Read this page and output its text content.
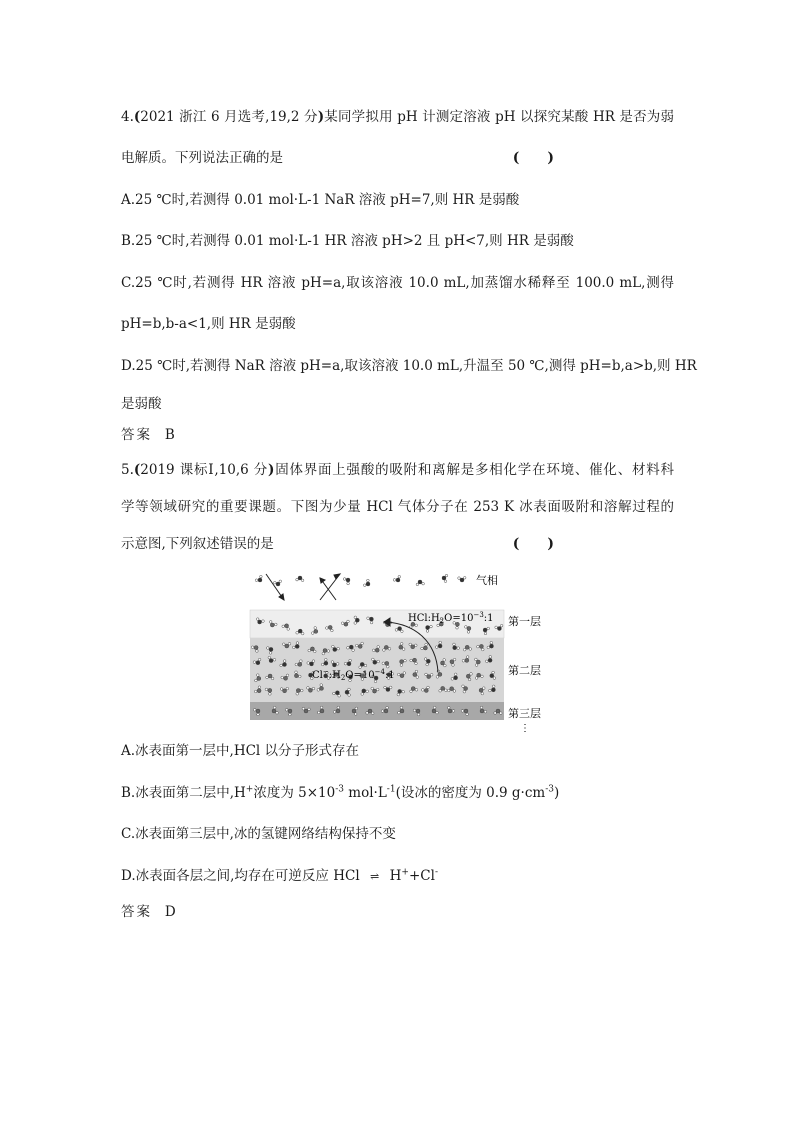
4.(2021 浙江 6 月选考,19,2 分)某同学拟用 pH 计测定溶液 pH 以探究某酸 HR 是否为弱
电解质。下列说法正确的是	(　　)
A.25 ℃时,若测得 0.01 mol·L-1 NaR 溶液 pH=7,则 HR 是弱酸
B.25 ℃时,若测得 0.01 mol·L-1 HR 溶液 pH>2 且 pH<7,则 HR 是弱酸
C.25 ℃时,若测得 HR 溶液 pH=a,取该溶液 10.0 mL,加蒸馏水稀释至 100.0 mL,测得
pH=b,b-a<1,则 HR 是弱酸
D.25 ℃时,若测得 NaR 溶液 pH=a,取该溶液 10.0 mL,升温至 50 ℃,测得 pH=b,a>b,则 HR
是弱酸
答案 B
5.(2019 课标Ⅰ,10,6 分)固体界面上强酸的吸附和离解是多相化学在环境、催化、材料科
学等领域研究的重要课题。下图为少量 HCl 气体分子在 253 K 冰表面吸附和溶解过程的
示意图,下列叙述错误的是	(　　)
气相
$HCl:H_2O=10^{-3}:1$
$Cl^-:H_2O=10^{-4}:1$
第一层
第二层
第三层
⋮
A.冰表面第一层中,HCl 以分子形式存在
B.冰表面第二层中,H+浓度为 $5\times 10^{-3}$ $mol\cdot L^{-1}$(设冰的密度为 0.9 $g\cdot cm^{-3}$)
C.冰表面第三层中,冰的氢键网络结构保持不变
D.冰表面各层之间,均存在可逆反应 HCl ⇌ H++Cl-
答案 D
